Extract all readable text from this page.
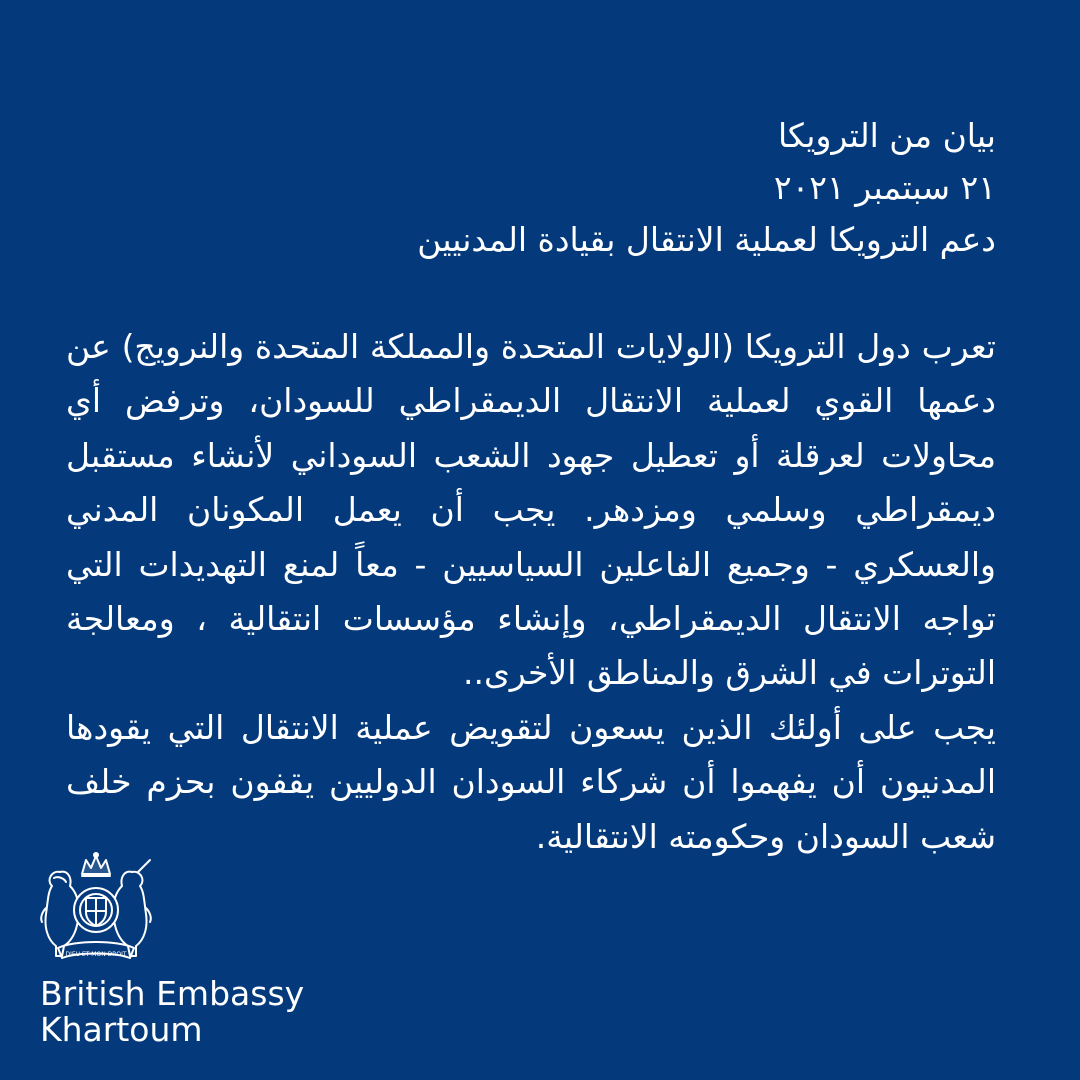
بيان من الترويكا
٢١ سبتمبر ٢٠٢١
دعم الترويكا لعملية الانتقال بقيادة المدنيين

تعرب دول الترويكا (الولايات المتحدة والمملكة المتحدة والنرويج) عن دعمها القوي لعملية الانتقال الديمقراطي للسودان، وترفض أي محاولات لعرقلة أو تعطيل جهود الشعب السوداني لأنشاء مستقبل ديمقراطي وسلمي ومزدهر. يجب أن يعمل المكونان المدني والعسكري - وجميع الفاعلين السياسيين - معاً لمنع التهديدات التي تواجه الانتقال الديمقراطي، وإنشاء مؤسسات انتقالية ، ومعالجة التوترات في الشرق والمناطق الأخرى..

يجب على أولئك الذين يسعون لتقويض عملية الانتقال التي يقودها المدنيون أن يفهموا أن شركاء السودان الدوليين يقفون بحزم خلف شعب السودان وحكومته الانتقالية.

DIEU ET MON DROIT
British Embassy
Khartoum
